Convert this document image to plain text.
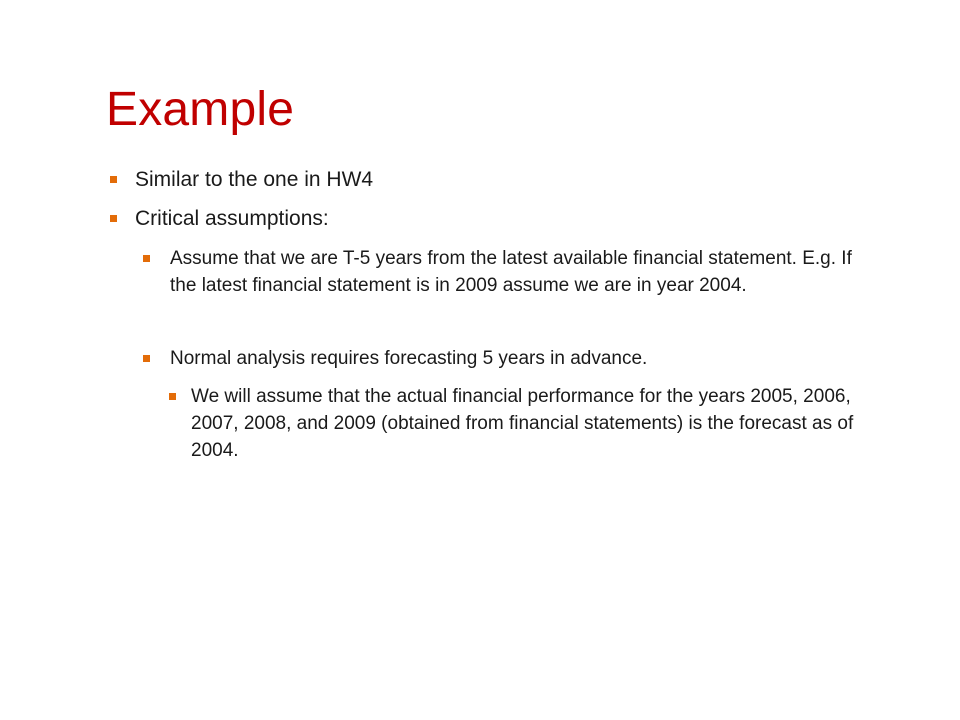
Example
Similar to the one in HW4
Critical assumptions:
Assume that we are T-5 years from the latest available financial statement. E.g. If the latest financial statement is in 2009 assume we are in year 2004.
Normal analysis requires forecasting 5 years in advance.
We will assume that the actual financial performance for the years 2005, 2006, 2007, 2008, and 2009 (obtained from financial statements) is the forecast as of 2004.
